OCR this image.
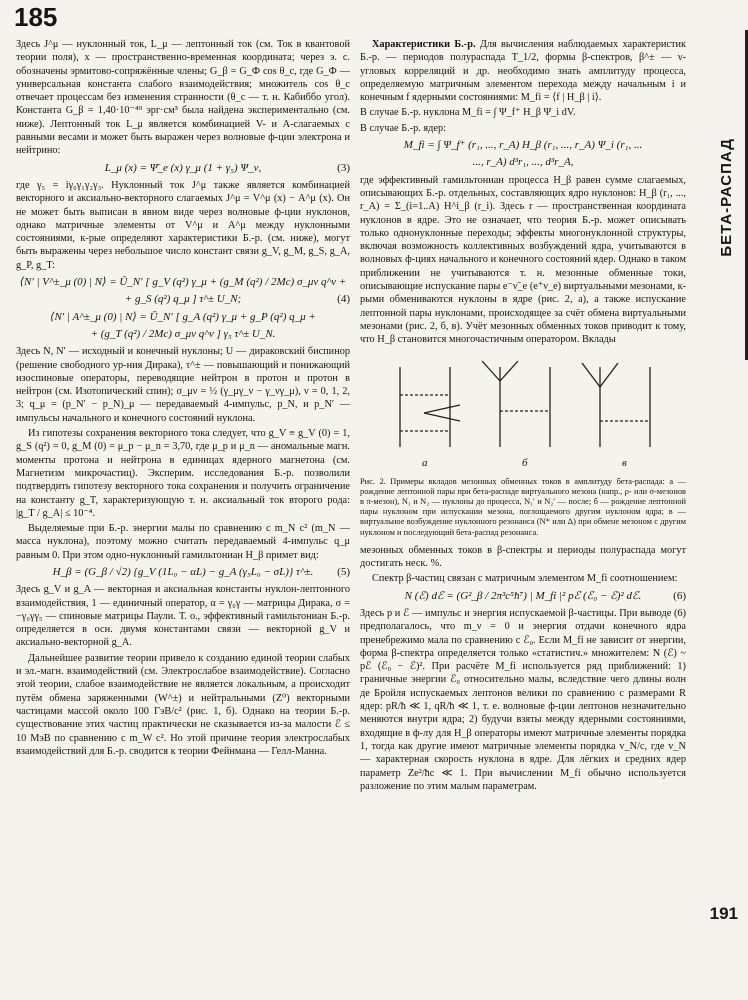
185
БЕТА-РАСПАД
191

Здесь J^μ — нуклонный ток, L_μ — лептонный ток (см. Ток в квантовой теории поля), x — пространственно-временная координата; через э. с. обозначены эрмитово-сопряжённые члены; G_β = G_Ф cos θ_c, где G_Ф — универсальная константа слабого взаимодействия; множитель cos θ_c отвечает процессам без изменения странности (θ_c — т. н. Кабиббо угол). Константа G_β = 1,40·10⁻⁴⁹ эрг·см³ была найдена экспериментально (см. ниже). Лептонный ток L_μ является комбинацией V- и A-слагаемых с равными весами и может быть выражен через волновые ф-ции электрона и нейтрино:

L_μ (x) = Ψ̄_e (x) γ_μ (1 + γ₅) Ψ_ν,	(3)

где γ₅ = iγ₀γ₁γ₂γ₃. Нуклонный ток J^μ также является комбинацией векторного и аксиально-векторного слагаемых J^μ = V^μ (x) − A^μ (x). Он не может быть выписан в явном виде через волновые ф-ции нуклонов, однако матричные элементы от V^μ и A^μ между нуклонными состояниями, к-рые определяют характеристики Б.-р. (см. ниже), могут быть выражены через небольшое число констант связи g_V, g_M, g_S, g_A, g_P, g_T:

⟨N′ | V^±_μ (0) | N⟩ = Ū_N′ [ g_V (q²) γ_μ + (g_M (q²) / 2Mc) σ_μν q^ν +
+ g_S (q²) q_μ ] τ^± U_N;	(4)
⟨N′ | A^±_μ (0) | N⟩ = Ū_N′ [ g_A (q²) γ_μ + g_P (q²) q_μ +
+ (g_T (q²) / 2Mc) σ_μν q^ν ] γ₅ τ^± U_N.

Здесь N, N′ — исходный и конечный нуклоны; U — дираковский биспинор (решение свободного ур-ния Дирака), τ^± — повышающий и понижающий изоспиновые операторы, переводящие нейтрон в протон и протон в нейтрон (см. Изотопический спин); σ_μν = ½ (γ_μγ_ν − γ_νγ_μ), ν = 0, 1, 2, 3; q_μ = (p_N′ − p_N)_μ — передаваемый 4-импульс, p_N, и p_N′ — импульсы начального и конечного состояний нуклона.

Из гипотезы сохранения векторного тока следует, что g_V ≡ g_V (0) = 1, g_S (q²) = 0, g_M (0) = μ_p − μ_n = 3,70, где μ_p и μ_n — аномальные магн. моменты протона и нейтрона в единицах ядерного магнетона (см. Магнетизм микрочастиц). Эксперим. исследования Б.-р. позволили подтвердить гипотезу векторного тока сохранения и получить ограничение на константу g_T, характеризующую т. н. аксиальный ток второго рода: |g_T / g_A| ≤ 10⁻⁴.

Выделяемые при Б.-р. энергии малы по сравнению с m_N c² (m_N — масса нуклона), поэтому можно считать передаваемый 4-импульс q_μ равным 0. При этом одно-нуклонный гамильтониан H_β примет вид:

H_β = (G_β / √2) {g_V (1L₀ − αL) − g_A (γ₅L₀ − σL)} τ^±. (5)

Здесь g_V и g_A — векторная и аксиальная константы нуклон-лептонного взаимодействия, 1 — единичный оператор, α = γ₀γ — матрицы Дирака, σ = −γ₀γγ₅ — спиновые матрицы Паули. Т. о., эффективный гамильтониан Б.-р. определяется в осн. двумя константами связи — векторной g_V и аксиально-векторной g_A.

Дальнейшее развитие теории привело к созданию единой теории слабых и эл.-магн. взаимодействий (см. Электрослабое взаимодействие). Согласно этой теории, слабое взаимодействие не является локальным, а происходит путём обмена заряженными (W^±) и нейтральными (Z⁰) векторными частицами массой около 100 ГэВ/c² (рис. 1, б). Однако на теории Б.-р. существование этих частиц практически не сказывается из-за малости ℰ ≤ 10 МэВ по сравнению с m_W c². Но этой причине теория электрослабых взаимодействий для Б.-р. сводится к теории Фейнмана — Гелл-Манна.

Характеристики Б.-р. Для вычисления наблюдаемых характеристик Б.-р. — периодов полураспада T_1/2, формы β-спектров, β^± — ν-угловых корреляций и др. необходимо знать амплитуду процесса, определяемую матричным элементом перехода между начальным i и конечным f ядерными состояниями: M_fi = ⟨f | H_β | i⟩.

В случае Б.-р. нуклона M_fi = ∫ Ψ_f⁺ H_β Ψ_i dV.

В случае Б.-р. ядер:

M_fi = ∫ Ψ_f⁺ (r₁, ..., r_A) H_β (r₁, ..., r_A) Ψ_i (r₁, ...
..., r_A) d³r₁, ..., d³r_A,

где эффективный гамильтониан процесса H_β равен сумме слагаемых, описывающих Б.-р. отдельных, составляющих ядро нуклонов: H_β (r₁, ..., r_A) = Σ_(i=1..A) H^i_β (r_i). Здесь r — пространственная координата нуклонов в ядре. Это не означает, что теория Б.-р. может описывать только однонуклонные переходы; эффекты многонуклонной структуры, включая возможность коллективных возбуждений ядра, учитываются в волновых ф-циях начального и конечного состояний ядер. Однако в таком приближении не учитываются т. н. мезонные обменные токи, описывающие испускание пары e⁻ν̃_e (e⁺ν_e) виртуальными мезонами, к-рыми обмениваются нуклоны в ядре (рис. 2, а), а также испускание лептонной пары нуклонами, происходящее за счёт обмена виртуальными мезонами (рис. 2, б, в). Учёт мезонных обменных токов приводит к тому, что H_β становится многочастичным оператором. Вклады

а	б	в
Рис. 2. Примеры вкладов мезонных обменных токов в амплитуду бета-распада: а — рождение лептонной пары при бета-распаде виртуального мезона (напр., ρ- или σ-мезонов в π-мезон), N₁ и N₂ — нуклоны до процесса, N₁′ и N₂′ — после; б — рождение лептонной пары нуклоном при испускании мезона, поглощаемого другим нуклоном ядра; в — виртуальное возбуждение нуклонного резонанса (N* или Δ) при обмене мезоном с другим нуклоном и последующий бета-распад резонанса.

мезонных обменных токов в β-спектры и периоды полураспада могут достигать неск. %.

Спектр β-частиц связан с матричным элементом M_fi соотношением:

N (ℰ) dℰ = (G²_β / 2π³c⁵ħ⁷) | M_fi |² pℰ (ℰ₀ − ℰ)² dℰ.	(6)

Здесь p и ℰ — импульс и энергия испускаемой β-частицы. При выводе (6) предполагалось, что m_ν = 0 и энергия отдачи конечного ядра пренебрежимо мала по сравнению с ℰ₀. Если M_fi не зависит от энергии, форма β-спектра определяется только «статистич.» множителем: N (ℰ) ~ pℰ (ℰ₀ − ℰ)². При расчёте M_fi используется ряд приближений: 1) граничные энергии ℰ₀ относительно малы, вследствие чего длины волн де Бройля испускаемых лептонов велики по сравнению с размерами R ядер: pR/ħ ≪ 1, qR/ħ ≪ 1, т. е. волновые ф-ции лептонов незначительно меняются внутри ядра; 2) будучи взяты между ядерными состояниями, входящие в ф-лу для H_β операторы имеют матричные элементы порядка 1, тогда как другие имеют матричные элементы порядка v_N/c, где v_N — характерная скорость нуклона в ядре. Для лёгких и средних ядер параметр Ze²/ħc ≪ 1. При вычислении M_fi обычно используется разложение по этим малым параметрам.
